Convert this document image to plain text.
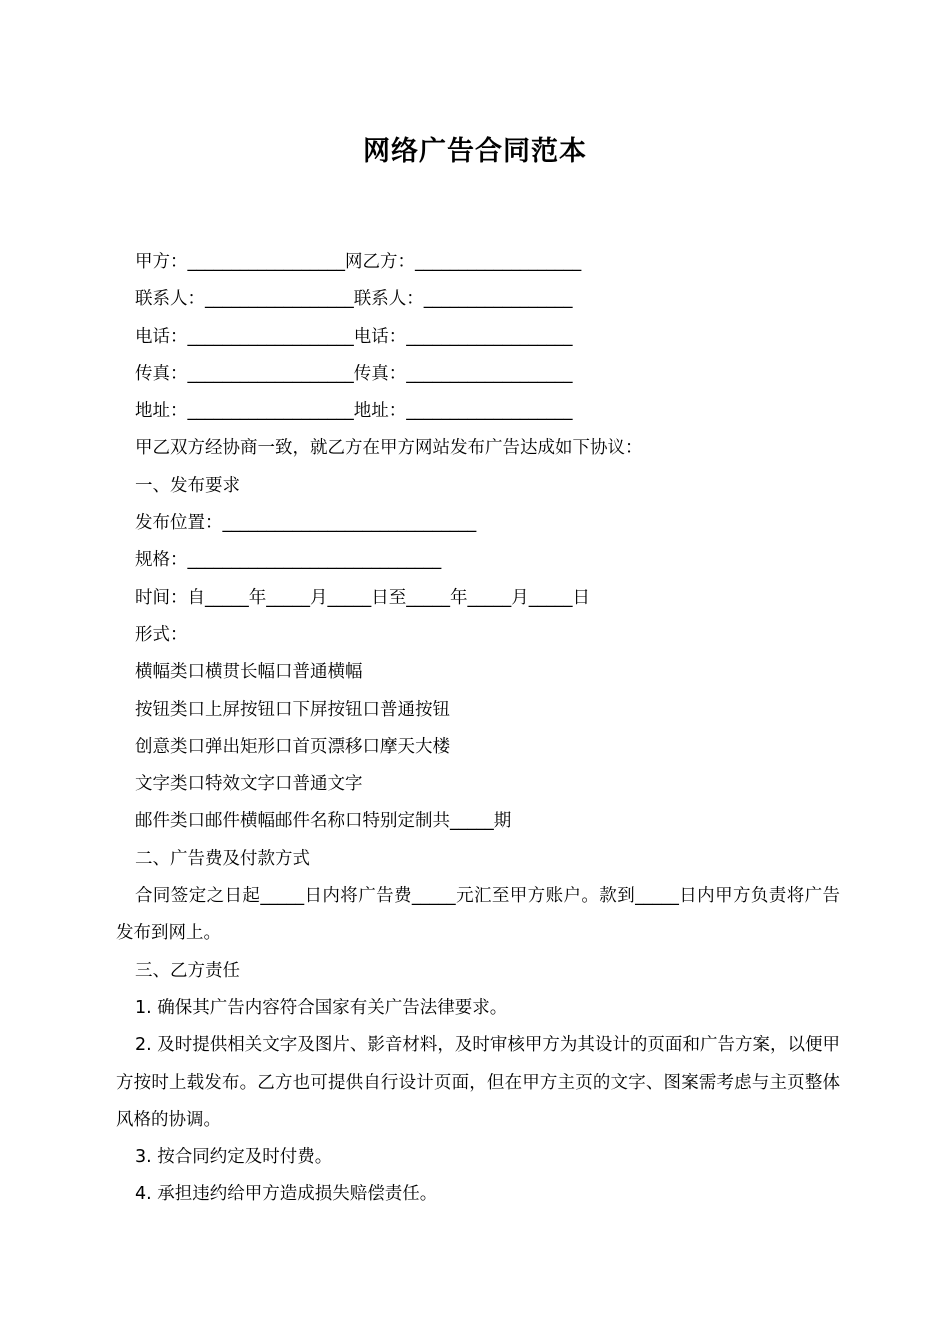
网络广告合同范本
甲方：__________________网乙方：___________________
联系人：_________________联系人：_________________
电话：___________________电话：___________________
传真：___________________传真：___________________
地址：___________________地址：___________________
甲乙双方经协商一致，就乙方在甲方网站发布广告达成如下协议：
一、发布要求
发布位置：_____________________________
规格：_____________________________
时间：自_____年_____月_____日至_____年_____月_____日
形式：
横幅类口横贯长幅口普通横幅
按钮类口上屏按钮口下屏按钮口普通按钮
创意类口弹出矩形口首页漂移口摩天大楼
文字类口特效文字口普通文字
邮件类口邮件横幅邮件名称口特别定制共_____期
二、广告费及付款方式
合同签定之日起_____日内将广告费_____元汇至甲方账户。款到_____日内甲方负责将广告发布到网上。
三、乙方责任
1. 确保其广告内容符合国家有关广告法律要求。
2. 及时提供相关文字及图片、影音材料，及时审核甲方为其设计的页面和广告方案，以便甲方按时上载发布。乙方也可提供自行设计页面，但在甲方主页的文字、图案需考虑与主页整体风格的协调。
3. 按合同约定及时付费。
4. 承担违约给甲方造成损失赔偿责任。
